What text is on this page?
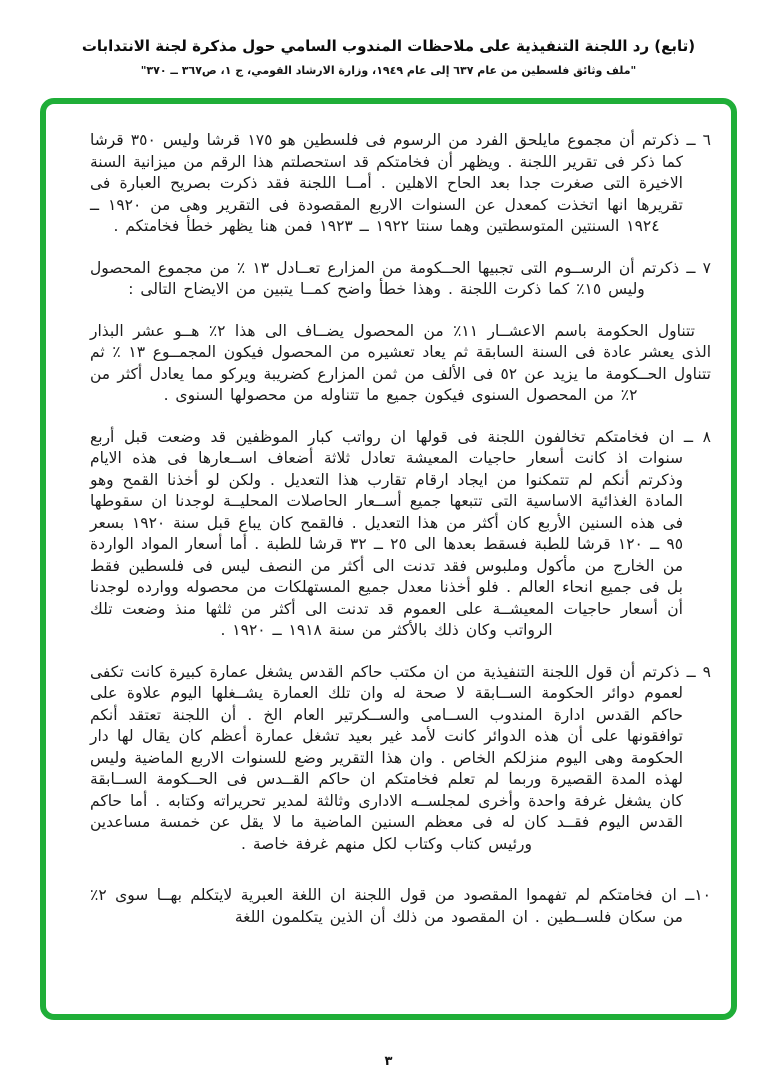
(تابع) رد اللجنة التنفيذية على ملاحظات المندوب السامي حول مذكرة لجنة الانتدابات
"ملف وثائق فلسطين من عام ٦٣٧ إلى عام ١٩٤٩، وزارة الارشاد القومي، ج ١، ص٣٦٧ ــ ٣٧٠"

٦ ــ ذكرتم أن مجموع مايلحق الفرد من الرسوم فى فلسطين هو ١٧٥ قرشا وليس ٣٥٠ قرشا كما ذكر فى تقرير اللجنة . ويظهر أن فخامتكم قد استحصلتم هذا الرقم من ميزانية السنة الاخيرة التى صغرت جدا بعد الحاح الاهلين . أمــا اللجنة فقد ذكرت بصريح العبارة فى تقريرها انها اتخذت كمعدل عن السنوات الاربع المقصودة فى التقرير وهى من ١٩٢٠ ــ ١٩٢٤ السنتين المتوسطتين وهما سنتا ١٩٢٢ ــ ١٩٢٣ فمن هنا يظهر خطأ فخامتكم .

٧ ــ ذكرتم أن الرســوم التى تجبيها الحــكومة من المزارع تعــادل ١٣ ٪ من مجموع المحصول وليس ١٥٪ كما ذكرت اللجنة . وهذا خطأ واضح كمــا يتبين من الايضاح التالى :

تتناول الحكومة باسم الاعشــار ١١٪ من المحصول يضــاف الى هذا ٢٪ هــو عشر البذار الذى يعشر عادة فى السنة السابقة ثم يعاد تعشيره من المحصول فيكون المجمــوع ١٣ ٪ ثم تتناول الحــكومة ما يزيد عن ٥٢ فى الألف من ثمن المزارع كضريبة ويركو مما يعادل أكثر من ٢٪ من المحصول السنوى فيكون جميع ما تتناوله من محصولها السنوى .

٨ ــ ان فخامتكم تخالفون اللجنة فى قولها ان رواتب كبار الموظفين قد وضعت قبل أربع سنوات اذ كانت أسعار حاجيات المعيشة تعادل ثلاثة أضعاف اســعارها فى هذه الايام وذكرتم أنكم لم تتمكنوا من ايجاد ارقام تقارب هذا التعديل . ولكن لو أخذنا القمح وهو المادة الغذائية الاساسية التى تتبعها جميع أســعار الحاصلات المحليــة لوجدنا ان سقوطها فى هذه السنين الأربع كان أكثر من هذا التعديل . فالقمح كان يباع قبل سنة ١٩٢٠ بسعر ٩٥ ــ ١٢٠ قرشا للطبة فسقط بعدها الى ٢٥ ــ ٣٢ قرشا للطبة . أما أسعار المواد الواردة من الخارج من مأكول وملبوس فقد تدنت الى أكثر من النصف ليس فى فلسطين فقط بل فى جميع انحاء العالم . فلو أخذنا معدل جميع المستهلكات من محصوله ووارده لوجدنا أن أسعار حاجيات المعيشــة على العموم قد تدنت الى أكثر من ثلثها منذ وضعت تلك الرواتب وكان ذلك بالأكثر من سنة ١٩١٨ ــ ١٩٢٠ .

٩ ــ ذكرتم أن قول اللجنة التنفيذية من ان مكتب حاكم القدس يشغل عمارة كبيرة كانت تكفى لعموم دوائر الحكومة الســابقة لا صحة له وان تلك العمارة يشــغلها اليوم علاوة على حاكم القدس ادارة المندوب الســامى والســكرتير العام الخ . أن اللجنة تعتقد أنكم توافقونها على أن هذه الدوائر كانت لأمد غير بعيد تشغل عمارة أعظم كان يقال لها دار الحكومة وهى اليوم منزلكم الخاص . وان هذا التقرير وضع للسنوات الاربع الماضية وليس لهذه المدة القصيرة وربما لم تعلم فخامتكم ان حاكم القــدس فى الحــكومة الســابقة كان يشغل غرفة واحدة وأخرى لمجلســه الادارى وثالثة لمدير تحريراته وكتابه . أما حاكم القدس اليوم فقــد كان له فى معظم السنين الماضية ما لا يقل عن خمسة مساعدين ورئيس كتاب وكتاب لكل منهم غرفة خاصة .

١٠ــ ان فخامتكم لم تفهموا المقصود من قول اللجنة ان اللغة العبرية لايتكلم بهــا سوى ٢٪ من سكان فلســطين . ان المقصود من ذلك أن الذين يتكلمون اللغة

٣
